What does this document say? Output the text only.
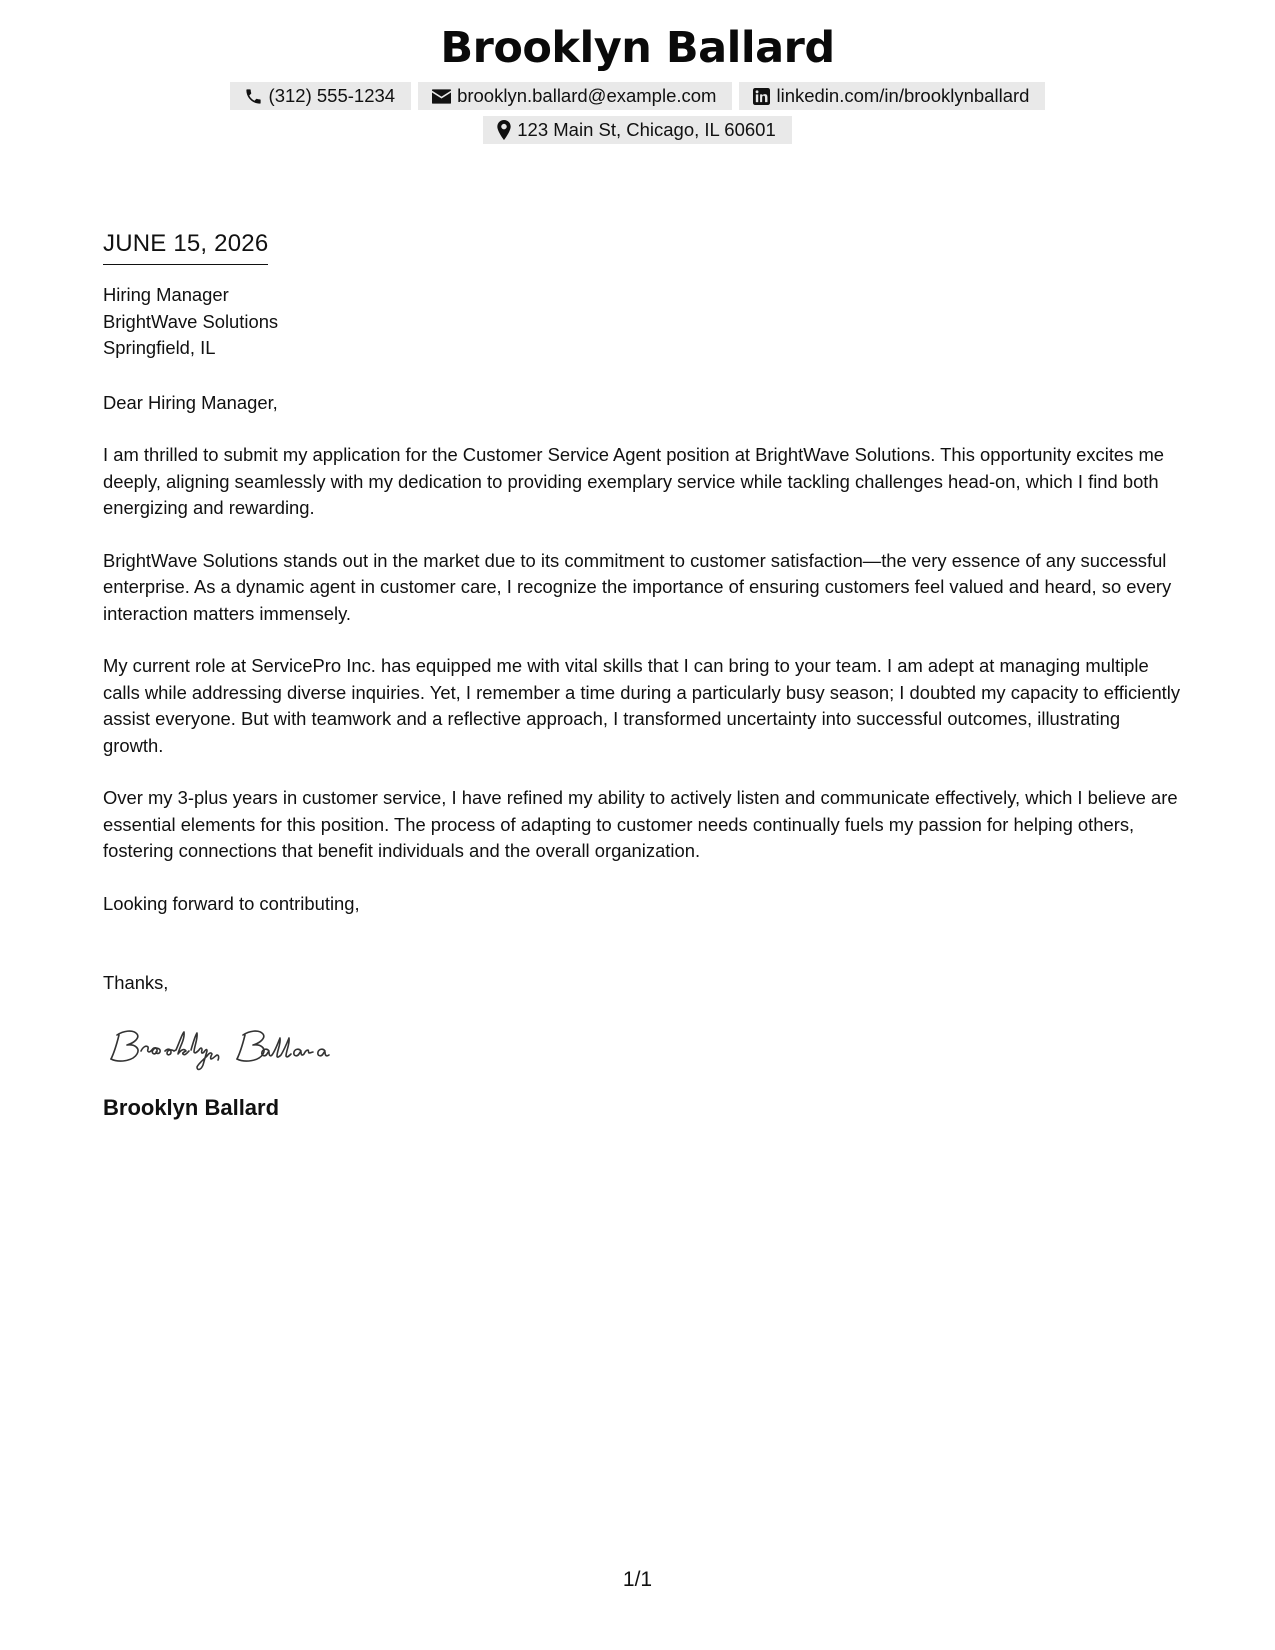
Brooklyn Ballard
(312) 555-1234	brooklyn.ballard@example.com	linkedin.com/in/brooklynballard
123 Main St, Chicago, IL 60601
JUNE 15, 2026
Hiring Manager
BrightWave Solutions
Springfield, IL
Dear Hiring Manager,

I am thrilled to submit my application for the Customer Service Agent position at BrightWave Solutions. This opportunity excites me deeply, aligning seamlessly with my dedication to providing exemplary service while tackling challenges head-on, which I find both energizing and rewarding.

BrightWave Solutions stands out in the market due to its commitment to customer satisfaction—the very essence of any successful enterprise. As a dynamic agent in customer care, I recognize the importance of ensuring customers feel valued and heard, so every interaction matters immensely.

My current role at ServicePro Inc. has equipped me with vital skills that I can bring to your team. I am adept at managing multiple calls while addressing diverse inquiries. Yet, I remember a time during a particularly busy season; I doubted my capacity to efficiently assist everyone. But with teamwork and a reflective approach, I transformed uncertainty into successful outcomes, illustrating growth.

Over my 3-plus years in customer service, I have refined my ability to actively listen and communicate effectively, which I believe are essential elements for this position. The process of adapting to customer needs continually fuels my passion for helping others, fostering connections that benefit individuals and the overall organization.

Looking forward to contributing,
Thanks,
Brooklyn Ballard
1/1
